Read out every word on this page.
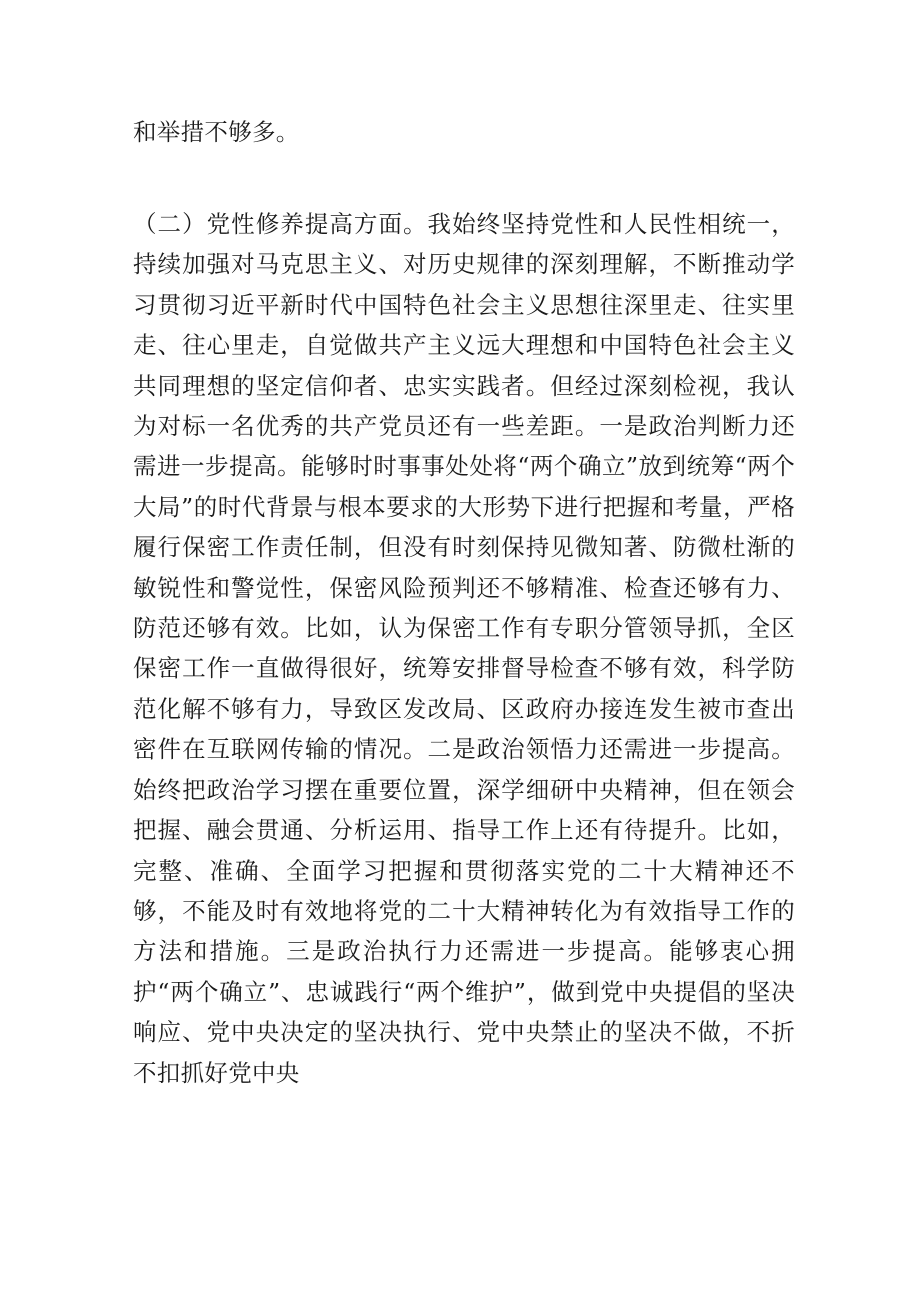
和举措不够多。

（二）党性修养提高方面。我始终坚持党性和人民性相统一，持续加强对马克思主义、对历史规律的深刻理解，不断推动学习贯彻习近平新时代中国特色社会主义思想往深里走、往实里走、往心里走，自觉做共产主义远大理想和中国特色社会主义共同理想的坚定信仰者、忠实实践者。但经过深刻检视，我认为对标一名优秀的共产党员还有一些差距。一是政治判断力还需进一步提高。能够时时事事处处将“两个确立”放到统筹“两个大局”的时代背景与根本要求的大形势下进行把握和考量，严格履行保密工作责任制，但没有时刻保持见微知著、防微杜渐的敏锐性和警觉性，保密风险预判还不够精准、检查还够有力、防范还够有效。比如，认为保密工作有专职分管领导抓，全区保密工作一直做得很好，统筹安排督导检查不够有效，科学防范化解不够有力，导致区发改局、区政府办接连发生被市查出密件在互联网传输的情况。二是政治领悟力还需进一步提高。始终把政治学习摆在重要位置，深学细研中央精神，但在领会把握、融会贯通、分析运用、指导工作上还有待提升。比如，完整、准确、全面学习把握和贯彻落实党的二十大精神还不够，不能及时有效地将党的二十大精神转化为有效指导工作的方法和措施。三是政治执行力还需进一步提高。能够衷心拥护“两个确立”、忠诚践行“两个维护”，做到党中央提倡的坚决响应、党中央决定的坚决执行、党中央禁止的坚决不做，不折不扣抓好党中央
